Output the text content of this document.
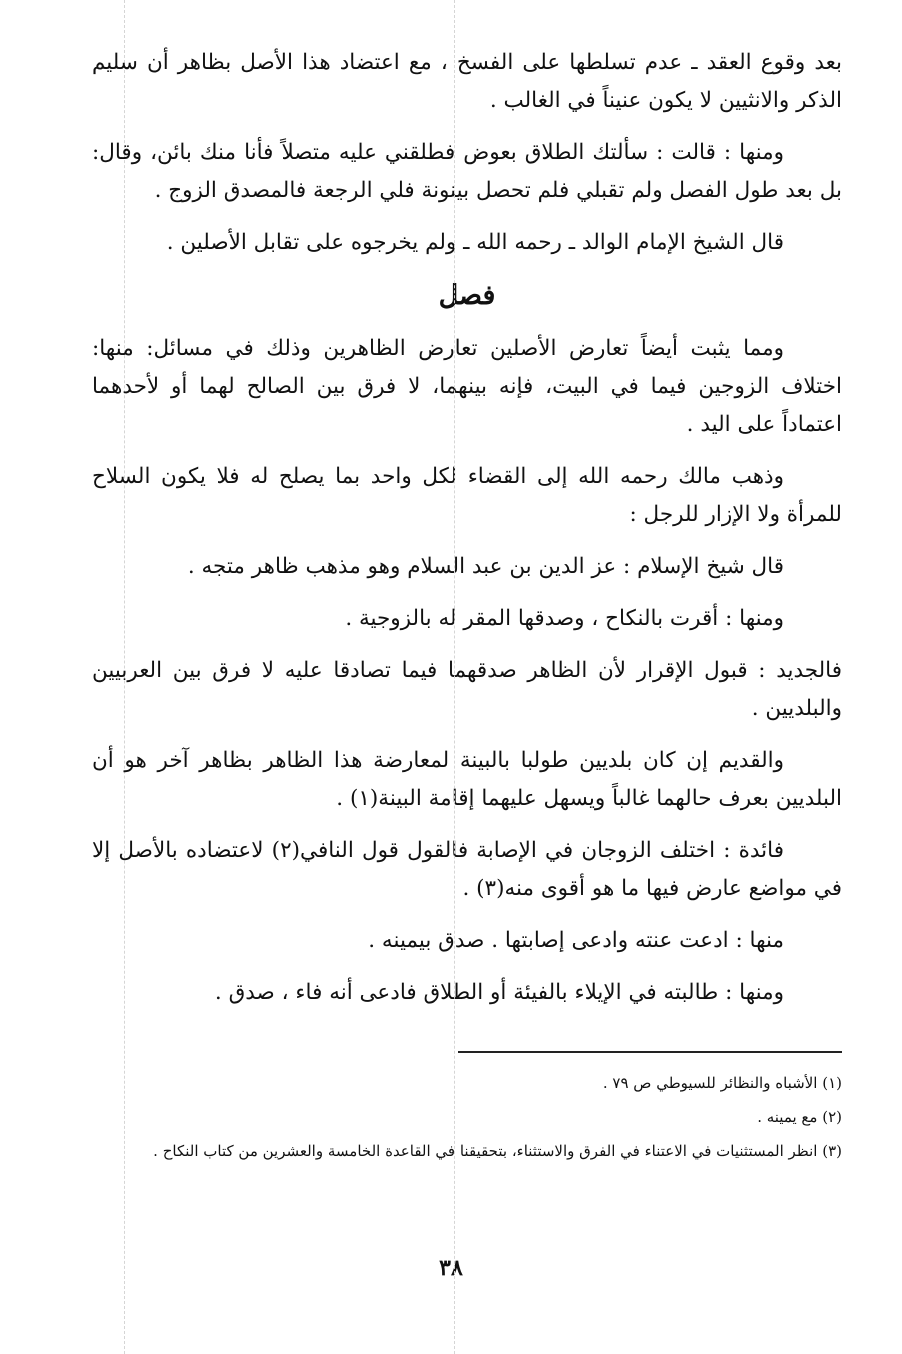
بعد وقوع العقد ـ عدم تسلطها على الفسخ ، مع اعتضاد هذا الأصل بظاهر أن سليم الذكر والانثيين لا يكون عنيناً في الغالب .

ومنها : قالت : سألتك الطلاق بعوض فطلقني عليه متصلاً فأنا منك بائن، وقال: بل بعد طول الفصل ولم تقبلي فلم تحصل بينونة فلي الرجعة فالمصدق الزوج .

قال الشيخ الإمام الوالد ـ رحمه الله ـ ولم يخرجوه على تقابل الأصلين .

فصل

ومما يثبت أيضاً تعارض الأصلين تعارض الظاهرين وذلك في مسائل: منها: اختلاف الزوجين فيما في البيت، فإنه بينهما، لا فرق بين الصالح لهما أو لأحدهما اعتماداً على اليد .

وذهب مالك رحمه الله إلى القضاء لكل واحد بما يصلح له فلا يكون السلاح للمرأة ولا الإزار للرجل :

قال شيخ الإسلام : عز الدين بن عبد السلام وهو مذهب ظاهر متجه .

ومنها : أقرت بالنكاح ، وصدقها المقر له بالزوجية .

فالجديد : قبول الإقرار لأن الظاهر صدقهما فيما تصادقا عليه لا فرق بين العربيين والبلديين .

والقديم إن كان بلديين طولبا بالبينة لمعارضة هذا الظاهر بظاهر آخر هو أن البلديين بعرف حالهما غالباً ويسهل عليهما إقامة البينة(١) .

فائدة : اختلف الزوجان في الإصابة فالقول قول النافي(٢) لاعتضاده بالأصل إلا في مواضع عارض فيها ما هو أقوى منه(٣) .

منها : ادعت عنته وادعى إصابتها . صدق بيمينه .

ومنها : طالبته في الإيلاء بالفيئة أو الطلاق فادعى أنه فاء ، صدق .

(١) الأشباه والنظائر للسيوطي ص ٧٩ .

(٢) مع يمينه .

(٣) انظر المستثنيات في الاعتناء في الفرق والاستثناء، بتحقيقنا في القاعدة الخامسة والعشرين من كتاب النكاح .

٣٨
